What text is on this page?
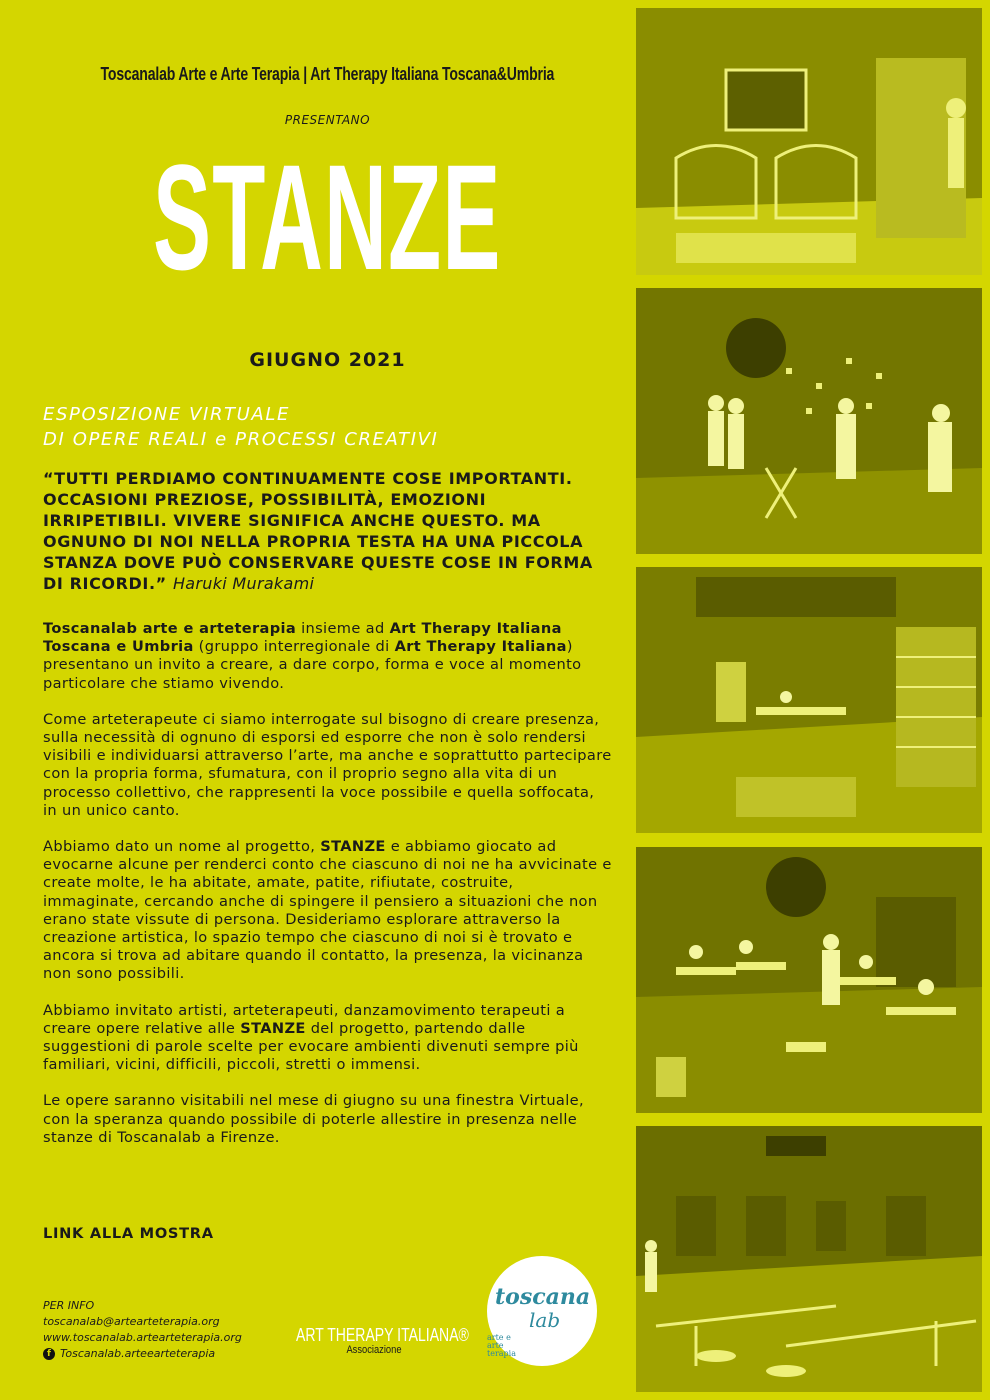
Toscanalab Arte e Arte Terapia | Art Therapy Italiana Toscana&Umbria
PRESENTANO
STANZE
GIUGNO 2021
ESPOSIZIONE VIRTUALE
DI OPERE REALI e PROCESSI CREATIVI
“TUTTI PERDIAMO CONTINUAMENTE COSE IMPORTANTI. OCCASIONI PREZIOSE, POSSIBILITÀ, EMOZIONI IRRIPETIBILI. VIVERE SIGNIFICA ANCHE QUESTO. MA OGNUNO DI NOI NELLA PROPRIA TESTA HA UNA PICCOLA STANZA DOVE PUÒ CONSERVARE QUESTE COSE IN FORMA DI RICORDI.” Haruki Murakami

Toscanalab arte e arteterapia insieme ad Art Therapy Italiana Toscana e Umbria (gruppo interregionale di Art Therapy Italiana) presentano un invito a creare, a dare corpo, forma e voce al momento particolare che stiamo vivendo.

Come arteterapeute ci siamo interrogate sul bisogno di creare presenza, sulla necessità di ognuno di esporsi ed esporre che non è solo rendersi visibili e individuarsi attraverso l’arte, ma anche e soprattutto partecipare con la propria forma, sfumatura, con il proprio segno alla vita di un processo collettivo, che rappresenti la voce possibile e quella soffocata, in un unico canto.

Abbiamo dato un nome al progetto, STANZE e abbiamo giocato ad evocarne alcune per renderci conto che ciascuno di noi ne ha avvicinate e create molte, le ha abitate, amate, patite, rifiutate, costruite, immaginate, cercando anche di spingere il pensiero a situazioni che non erano state vissute di persona. Desideriamo esplorare attraverso la creazione artistica, lo spazio tempo che ciascuno di noi si è trovato e ancora si trova ad abitare quando il contatto, la presenza, la vicinanza non sono possibili.

Abbiamo invitato artisti, arteterapeuti, danzamovimento terapeuti a creare opere relative alle STANZE del progetto, partendo dalle suggestioni di parole scelte per evocare ambienti divenuti sempre più familiari, vicini, difficili, piccoli, stretti o immensi.

Le opere saranno visitabili nel mese di giugno su una finestra Virtuale, con la speranza quando possibile di poterle allestire in presenza nelle stanze di Toscanalab a Firenze.

LINK ALLA MOSTRA
PER INFO
toscanalab@artearteterapia.org
www.toscanalab.artearteterapia.org
f Toscanalab.arteearteterapia
ART THERAPY ITALIANA®
Associazione
toscana
lab
arte e arte terapia
